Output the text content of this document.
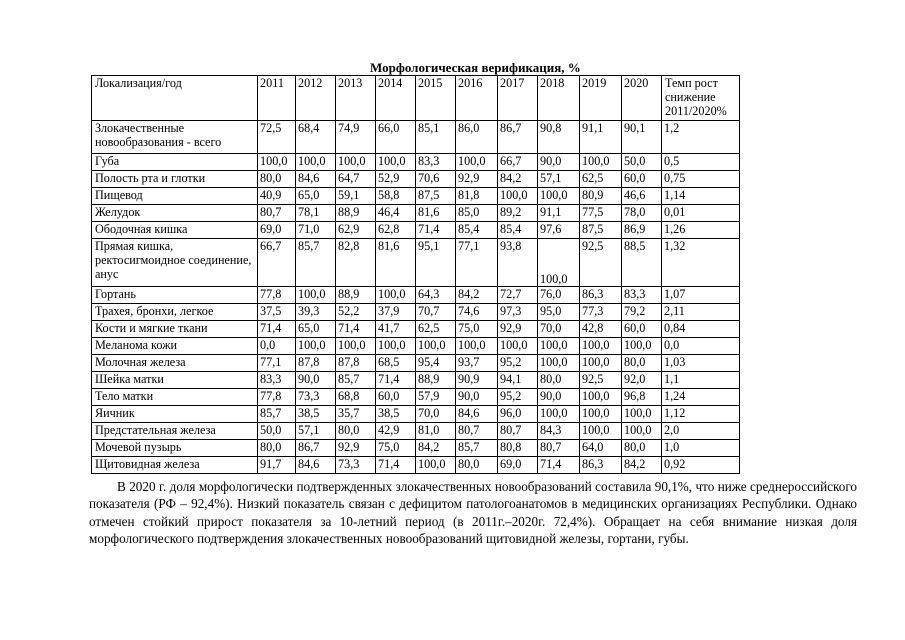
Морфологическая верификация, %
Локализация/год	2011	2012	2013	2014	2015	2016	2017	2018	2019	2020	Темп рост снижение 2011/2020%
Злокачественные новообразования - всего	72,5	68,4	74,9	66,0	85,1	86,0	86,7	90,8	91,1	90,1	1,2
Губа	100,0	100,0	100,0	100,0	83,3	100,0	66,7	90,0	100,0	50,0	0,5
Полость рта и глотки	80,0	84,6	64,7	52,9	70,6	92,9	84,2	57,1	62,5	60,0	0,75
Пищевод	40,9	65,0	59,1	58,8	87,5	81,8	100,0	100,0	80,9	46,6	1,14
Желудок	80,7	78,1	88,9	46,4	81,6	85,0	89,2	91,1	77,5	78,0	0,01
Ободочная кишка	69,0	71,0	62,9	62,8	71,4	85,4	85,4	97,6	87,5	86,9	1,26
Прямая кишка, ректосигмоидное соединение, анус	66,7	85,7	82,8	81,6	95,1	77,1	93,8	100,0	92,5	88,5	1,32
Гортань	77,8	100,0	88,9	100,0	64,3	84,2	72,7	76,0	86,3	83,3	1,07
Трахея, бронхи, легкое	37,5	39,3	52,2	37,9	70,7	74,6	97,3	95,0	77,3	79,2	2,11
Кости и мягкие ткани	71,4	65,0	71,4	41,7	62,5	75,0	92,9	70,0	42,8	60,0	0,84
Меланома кожи	0,0	100,0	100,0	100,0	100,0	100,0	100,0	100,0	100,0	100,0	0,0
Молочная железа	77,1	87,8	87,8	68,5	95,4	93,7	95,2	100,0	100,0	80,0	1,03
Шейка матки	83,3	90,0	85,7	71,4	88,9	90,9	94,1	80,0	92,5	92,0	1,1
Тело матки	77,8	73,3	68,8	60,0	57,9	90,0	95,2	90,0	100,0	96,8	1,24
Яичник	85,7	38,5	35,7	38,5	70,0	84,6	96,0	100,0	100,0	100,0	1,12
Предстательная железа	50,0	57,1	80,0	42,9	81,0	80,7	80,7	84,3	100,0	100,0	2,0
Мочевой пузырь	80,0	86,7	92,9	75,0	84,2	85,7	80,8	80,7	64,0	80,0	1,0
Щитовидная железа	91,7	84,6	73,3	71,4	100,0	80,0	69,0	71,4	86,3	84,2	0,92
В 2020 г. доля морфологически подтвержденных злокачественных новообразований составила 90,1%, что ниже среднероссийского показателя (РФ – 92,4%). Низкий показатель связан с дефицитом патологоанатомов в медицинских организациях Республики. Однако отмечен стойкий прирост показателя за 10-летний период (в 2011г.–2020г. 72,4%). Обращает на себя внимание низкая доля морфологического подтверждения злокачественных новообразований щитовидной железы, гортани, губы.
